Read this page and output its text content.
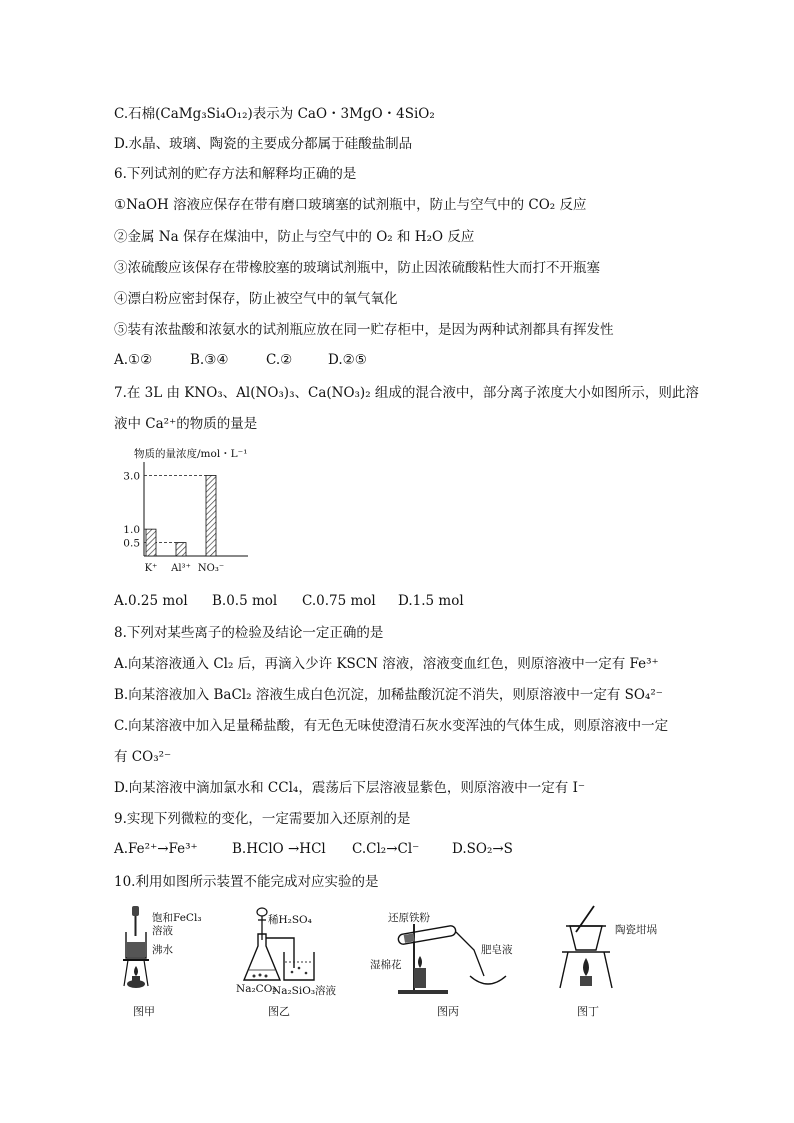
C.石棉(CaMg₃Si₄O₁₂)表示为 CaO・3MgO・4SiO₂
D.水晶、玻璃、陶瓷的主要成分都属于硅酸盐制品
6.下列试剂的贮存方法和解释均正确的是
①NaOH 溶液应保存在带有磨口玻璃塞的试剂瓶中，防止与空气中的 CO₂ 反应
②金属 Na 保存在煤油中，防止与空气中的 O₂ 和 H₂O 反应
③浓硫酸应该保存在带橡胶塞的玻璃试剂瓶中，防止因浓硫酸粘性大而打不开瓶塞
④漂白粉应密封保存，防止被空气中的氧气氧化
⑤装有浓盐酸和浓氨水的试剂瓶应放在同一贮存柜中，是因为两种试剂都具有挥发性
A.①②	B.③④	C.②	D.②⑤
7.在 3L 由 KNO₃、Al(NO₃)₃、Ca(NO₃)₂ 组成的混合液中，部分离子浓度大小如图所示，则此溶
液中 Ca²⁺的物质的量是
物质的量浓度/mol・L⁻¹
3.0
1.0
0.5
K⁺ Al³⁺ NO₃⁻
A.0.25 mol B.0.5 mol C.0.75 mol D.1.5 mol
8.下列对某些离子的检验及结论一定正确的是
A.向某溶液通入 Cl₂ 后，再滴入少许 KSCN 溶液，溶液变血红色，则原溶液中一定有 Fe³⁺
B.向某溶液加入 BaCl₂ 溶液生成白色沉淀，加稀盐酸沉淀不消失，则原溶液中一定有 SO₄²⁻
C.向某溶液中加入足量稀盐酸，有无色无味使澄清石灰水变浑浊的气体生成，则原溶液中一定
有 CO₃²⁻
D.向某溶液中滴加氯水和 CCl₄，震荡后下层溶液显紫色，则原溶液中一定有 I⁻
9.实现下列微粒的变化，一定需要加入还原剂的是
A.Fe²⁺→Fe³⁺	B.HClO →HCl C.Cl₂→Cl⁻ D.SO₂→S
10.利用如图所示装置不能完成对应实验的是
饱和FeCl₃
溶液
沸水
图甲
稀H₂SO₄
Na₂CO₃
Na₂SiO₃溶液
图乙
还原铁粉
湿棉花
肥皂液
图丙
陶瓷坩埚
图丁
